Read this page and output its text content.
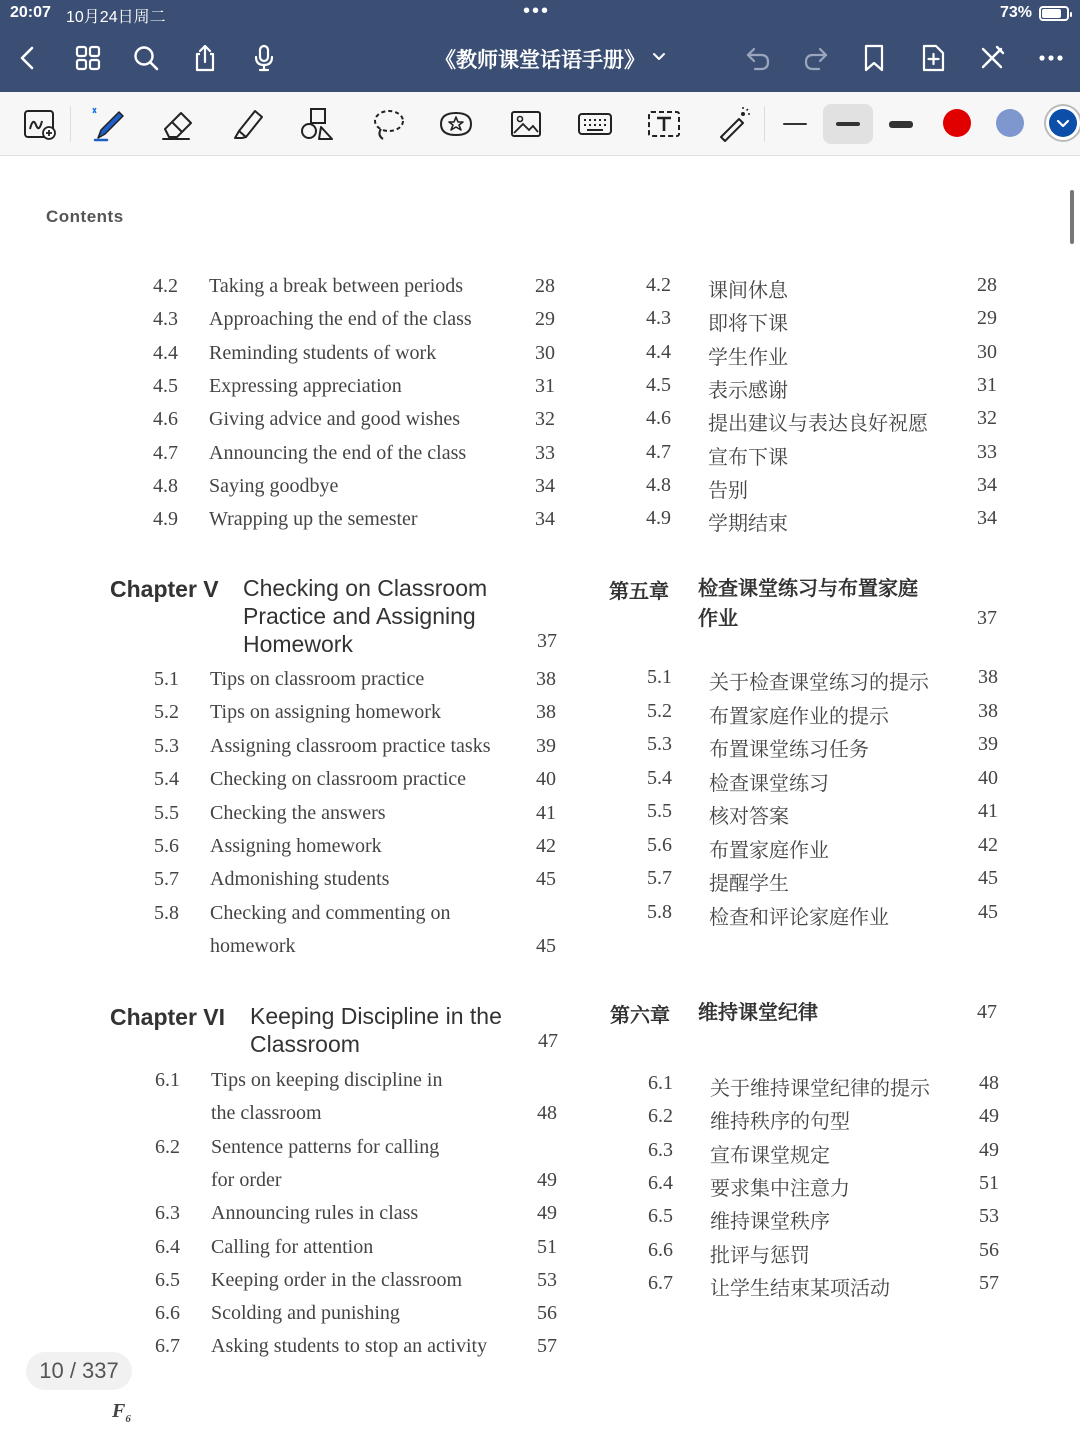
20:07 10月24日周二	•••	73%
《教师课堂话语手册》
Contents
4.2 Taking a break between periods	28
4.3 Approaching the end of the class	29
4.4 Reminding students of work	30
4.5 Expressing appreciation	31
4.6 Giving advice and good wishes	32
4.7 Announcing the end of the class	33
4.8 Saying goodbye	34
4.9 Wrapping up the semester	34
Chapter V Checking on Classroom
Practice and Assigning
Homework	37
5.1 Tips on classroom practice	38
5.2 Tips on assigning homework	38
5.3 Assigning classroom practice tasks 39
5.4 Checking on classroom practice	40
5.5 Checking the answers	41
5.6 Assigning homework	42
5.7 Admonishing students	45
5.8 Checking and commenting on
homework	45
Chapter VI Keeping Discipline in the
Classroom	47
6.1 Tips on keeping discipline in
the classroom	48
6.2 Sentence patterns for calling
for order	49
6.3 Announcing rules in class	49
6.4 Calling for attention	51
6.5 Keeping order in the classroom	53
6.6 Scolding and punishing	56
6.7 Asking students to stop an activity 57
4.2 课间休息	28
4.3 即将下课	29
4.4 学生作业	30
4.5 表示感谢	31
4.6 提出建议与表达良好祝愿 32
4.7 宣布下课	33
4.8 告别	34
4.9 学期结束	34
第五章 检查课堂练习与布置家庭
作业	37
5.1 关于检查课堂练习的提示 38
5.2 布置家庭作业的提示	38
5.3 布置课堂练习任务	39
5.4 检查课堂练习	40
5.5 核对答案	41
5.6 布置家庭作业	42
5.7 提醒学生	45
5.8 检查和评论家庭作业	45
第六章 维持课堂纪律	47
6.1 关于维持课堂纪律的提示 48
6.2 维持秩序的句型	49
6.3 宣布课堂规定	49
6.4 要求集中注意力	51
6.5 维持课堂秩序	53
6.6 批评与惩罚	56
6.7 让学生结束某项活动	57
10 / 337
$F_6$
